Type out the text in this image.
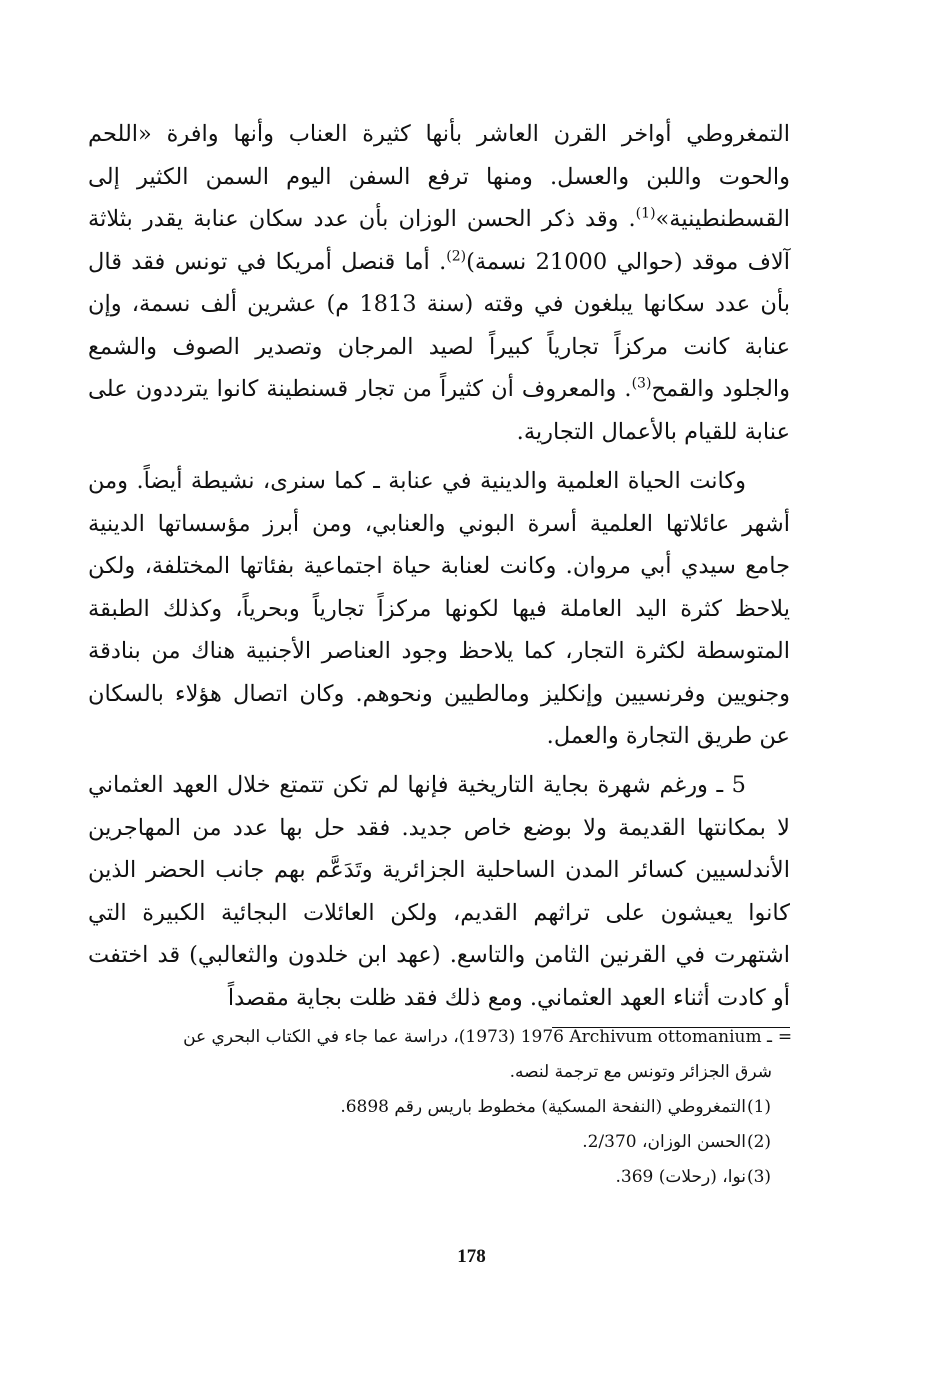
التمغروطي أواخر القرن العاشر بأنها كثيرة العناب وأنها وافرة «اللحم والحوت واللبن والعسل. ومنها ترفع السفن اليوم السمن الكثير إلى القسطنطينية»$^{(1)}$. وقد ذكر الحسن الوزان بأن عدد سكان عنابة يقدر بثلاثة آلاف موقد (حوالي 21000 نسمة)$^{(2)}$. أما قنصل أمريكا في تونس فقد قال بأن عدد سكانها يبلغون في وقته (سنة 1813 م) عشرين ألف نسمة، وإن عنابة كانت مركزاً تجارياً كبيراً لصيد المرجان وتصدير الصوف والشمع والجلود والقمح$^{(3)}$. والمعروف أن كثيراً من تجار قسنطينة كانوا يترددون على عنابة للقيام بالأعمال التجارية.

وكانت الحياة العلمية والدينية في عنابة ـ كما سنرى، نشيطة أيضاً. ومن أشهر عائلاتها العلمية أسرة البوني والعنابي، ومن أبرز مؤسساتها الدينية جامع سيدي أبي مروان. وكانت لعنابة حياة اجتماعية بفئاتها المختلفة، ولكن يلاحظ كثرة اليد العاملة فيها لكونها مركزاً تجارياً وبحرياً، وكذلك الطبقة المتوسطة لكثرة التجار، كما يلاحظ وجود العناصر الأجنبية هناك من بنادقة وجنويين وفرنسيين وإنكليز ومالطيين ونحوهم. وكان اتصال هؤلاء بالسكان عن طريق التجارة والعمل.

5 ـ ورغم شهرة بجاية التاريخية فإنها لم تكن تتمتع خلال العهد العثماني لا بمكانتها القديمة ولا بوضع خاص جديد. فقد حل بها عدد من المهاجرين الأندلسيين كسائر المدن الساحلية الجزائرية وتَدَعَّم بهم جانب الحضر الذين كانوا يعيشون على تراثهم القديم، ولكن العائلات البجائية الكبيرة التي اشتهرت في القرنين الثامن والتاسع. (عهد ابن خلدون والثعالبي) قد اختفت أو كادت أثناء العهد العثماني. ومع ذلك فقد ظلت بجاية مقصداً

=
Archivum ottomanium ـ 1976 (1973)، دراسة عما جاء في الكتاب البحري عن
شرق الجزائر وتونس مع ترجمة لنصه.
(1)
التمغروطي (النفحة المسكية) مخطوط باريس رقم 6898.
(2)
الحسن الوزان، 2/370.
(3)
نوا، (رحلات) 369.
178
